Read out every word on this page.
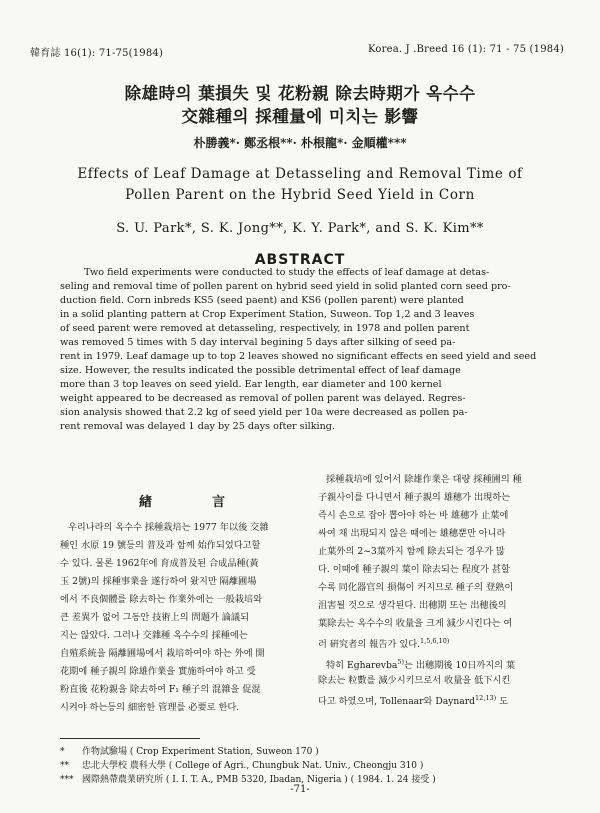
韓育誌 16(1): 71-75(1984)	Korea. J .Breed 16 (1): 71 - 75 (1984)
除雄時의 葉損失 및 花粉親 除去時期가 옥수수
交雜種의 採種量에 미치는 影響
朴勝義*· 鄭丞根**· 朴根龍*· 金順權***
Effects of Leaf Damage at Detasseling and Removal Time of
Pollen Parent on the Hybrid Seed Yield in Corn
S. U. Park*, S. K. Jong**, K. Y. Park*, and S. K. Kim**
ABSTRACT
Two field experiments were conducted to study the effects of leaf damage at detas-
seling and removal time of pollen parent on hybrid seed yield in solid planted corn seed pro-
duction field. Corn inbreds KS5 (seed paent) and KS6 (pollen parent) were planted
in a solid planting pattern at Crop Experiment Station, Suweon. Top 1,2 and 3 leaves
of seed parent were removed at detasseling, respectively, in 1978 and pollen parent
was removed 5 times with 5 day interval begining 5 days after silking of seed pa-
rent in 1979. Leaf damage up to top 2 leaves showed no significant effects en seed yield and seed
size. However, the results indicated the possible detrimental effect of leaf damage
more than 3 top leaves on seed yield. Ear length, ear diameter and 100 kernel
weight appeared to be decreased as removal of pollen parent was delayed. Regres-
sion analysis showed that 2.2 kg of seed yield per 10a were decreased as pollen pa-
rent removal was delayed 1 day by 25 days ofter silking.
緖	言
우리나라의 옥수수 採種栽培는 1977 年以後 交雜
種인 水原 19 號등의 普及과 함께 始作되었다고할
수 있다. 물론 1962年에 育成普及된 合成品種(黃
玉 2號)의 採種事業을 遂行하여 왔지만 隔離圃場
에서 不良個體를 除去하는 作業外에는 一般栽培와
큰 差異가 없어 그동안 技術上의 問題가 論議되
지는 않았다. 그러나 交雜種 옥수수의 採種에는
自殖系統을 隔離圃場에서 栽培하여야 하는 外에 開
花期에 種子親의 除雄作業을 實施하여야 하고 受
粉直後 花粉親을 除去하여 F₁ 種子의 混雜을 促混
시켜야 하는등의 細密한 管理를 必要로 한다.
採種栽培에 있어서 除雄作業은 대량 採種圃의 種
子親사이를 다니면서 種子親의 雄穗가 出現하는
즉시 손으로 잡아 뽑아야 하는 바 雄穗가 止葉에
싸여 채 出現되지 않은 때에는 雄穗뿐만 아니라
止葉外의 2~3葉까지 함께 除去되는 경우가 많
다. 이때에 種子親의 葉이 除去되는 程度가 甚할
수록 同化器官의 損傷이 커지므로 種子의 登熟이
沮害될 것으로 생각된다. 出穗期 또는 出穗後의
葉除去는 옥수수의 收量을 크게 減少시킨다는 여
러 硏究者의 報告가 있다.$^{1,5,6,10)}$
特히 Egharevba$^{5)}$는 出穗期後 10日까지의 葉
除去는 粒數를 減少시키므로서 收量을 低下시킨
다고 하였으며, Tollenaar와 Daynard$^{12,13)}$ 도
* 作物試驗場 ( Crop Experiment Station, Suweon 170 )
** 忠北大學校 農科大學 ( College of Agri., Chungbuk Nat. Univ., Cheongju 310 )
*** 國際熱帶農業硏究所 ( I. I. T. A., PMB 5320, Ibadan, Nigeria ) ( 1984. 1. 24 接受 )
-71-
